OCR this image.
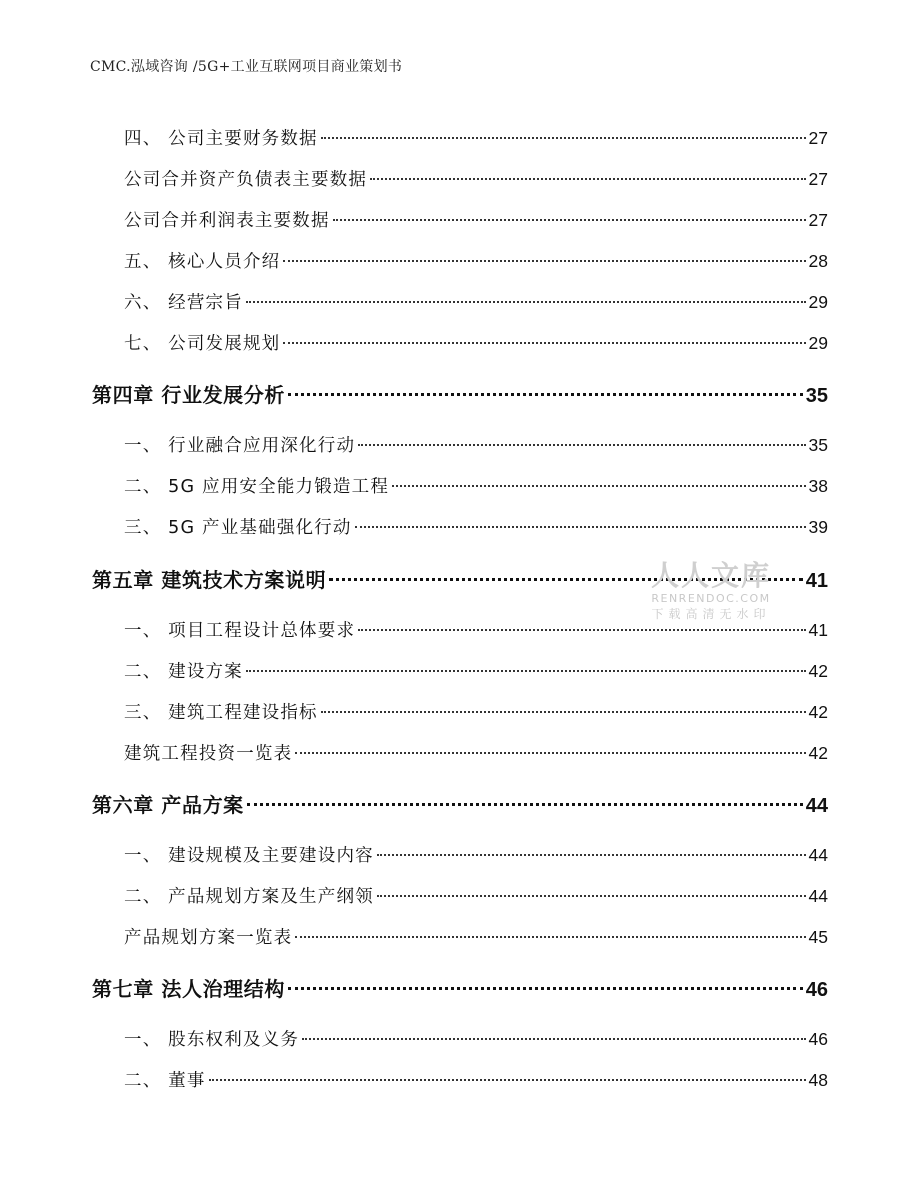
CMC.泓域咨询 /5G+工业互联网项目商业策划书
四、 公司主要财务数据	27
公司合并资产负债表主要数据	27
公司合并利润表主要数据	27
五、 核心人员介绍	28
六、 经营宗旨	29
七、 公司发展规划	29
第四章 行业发展分析	35
一、 行业融合应用深化行动	35
二、 5G 应用安全能力锻造工程	38
三、 5G 产业基础强化行动	39
第五章 建筑技术方案说明	41
一、 项目工程设计总体要求	41
二、 建设方案	42
三、 建筑工程建设指标	42
建筑工程投资一览表	42
第六章 产品方案	44
一、 建设规模及主要建设内容	44
二、 产品规划方案及生产纲领	44
产品规划方案一览表	45
第七章 法人治理结构	46
一、 股东权利及义务	46
二、 董事	48
人人文库
RENRENDOC.COM
下载高清无水印
